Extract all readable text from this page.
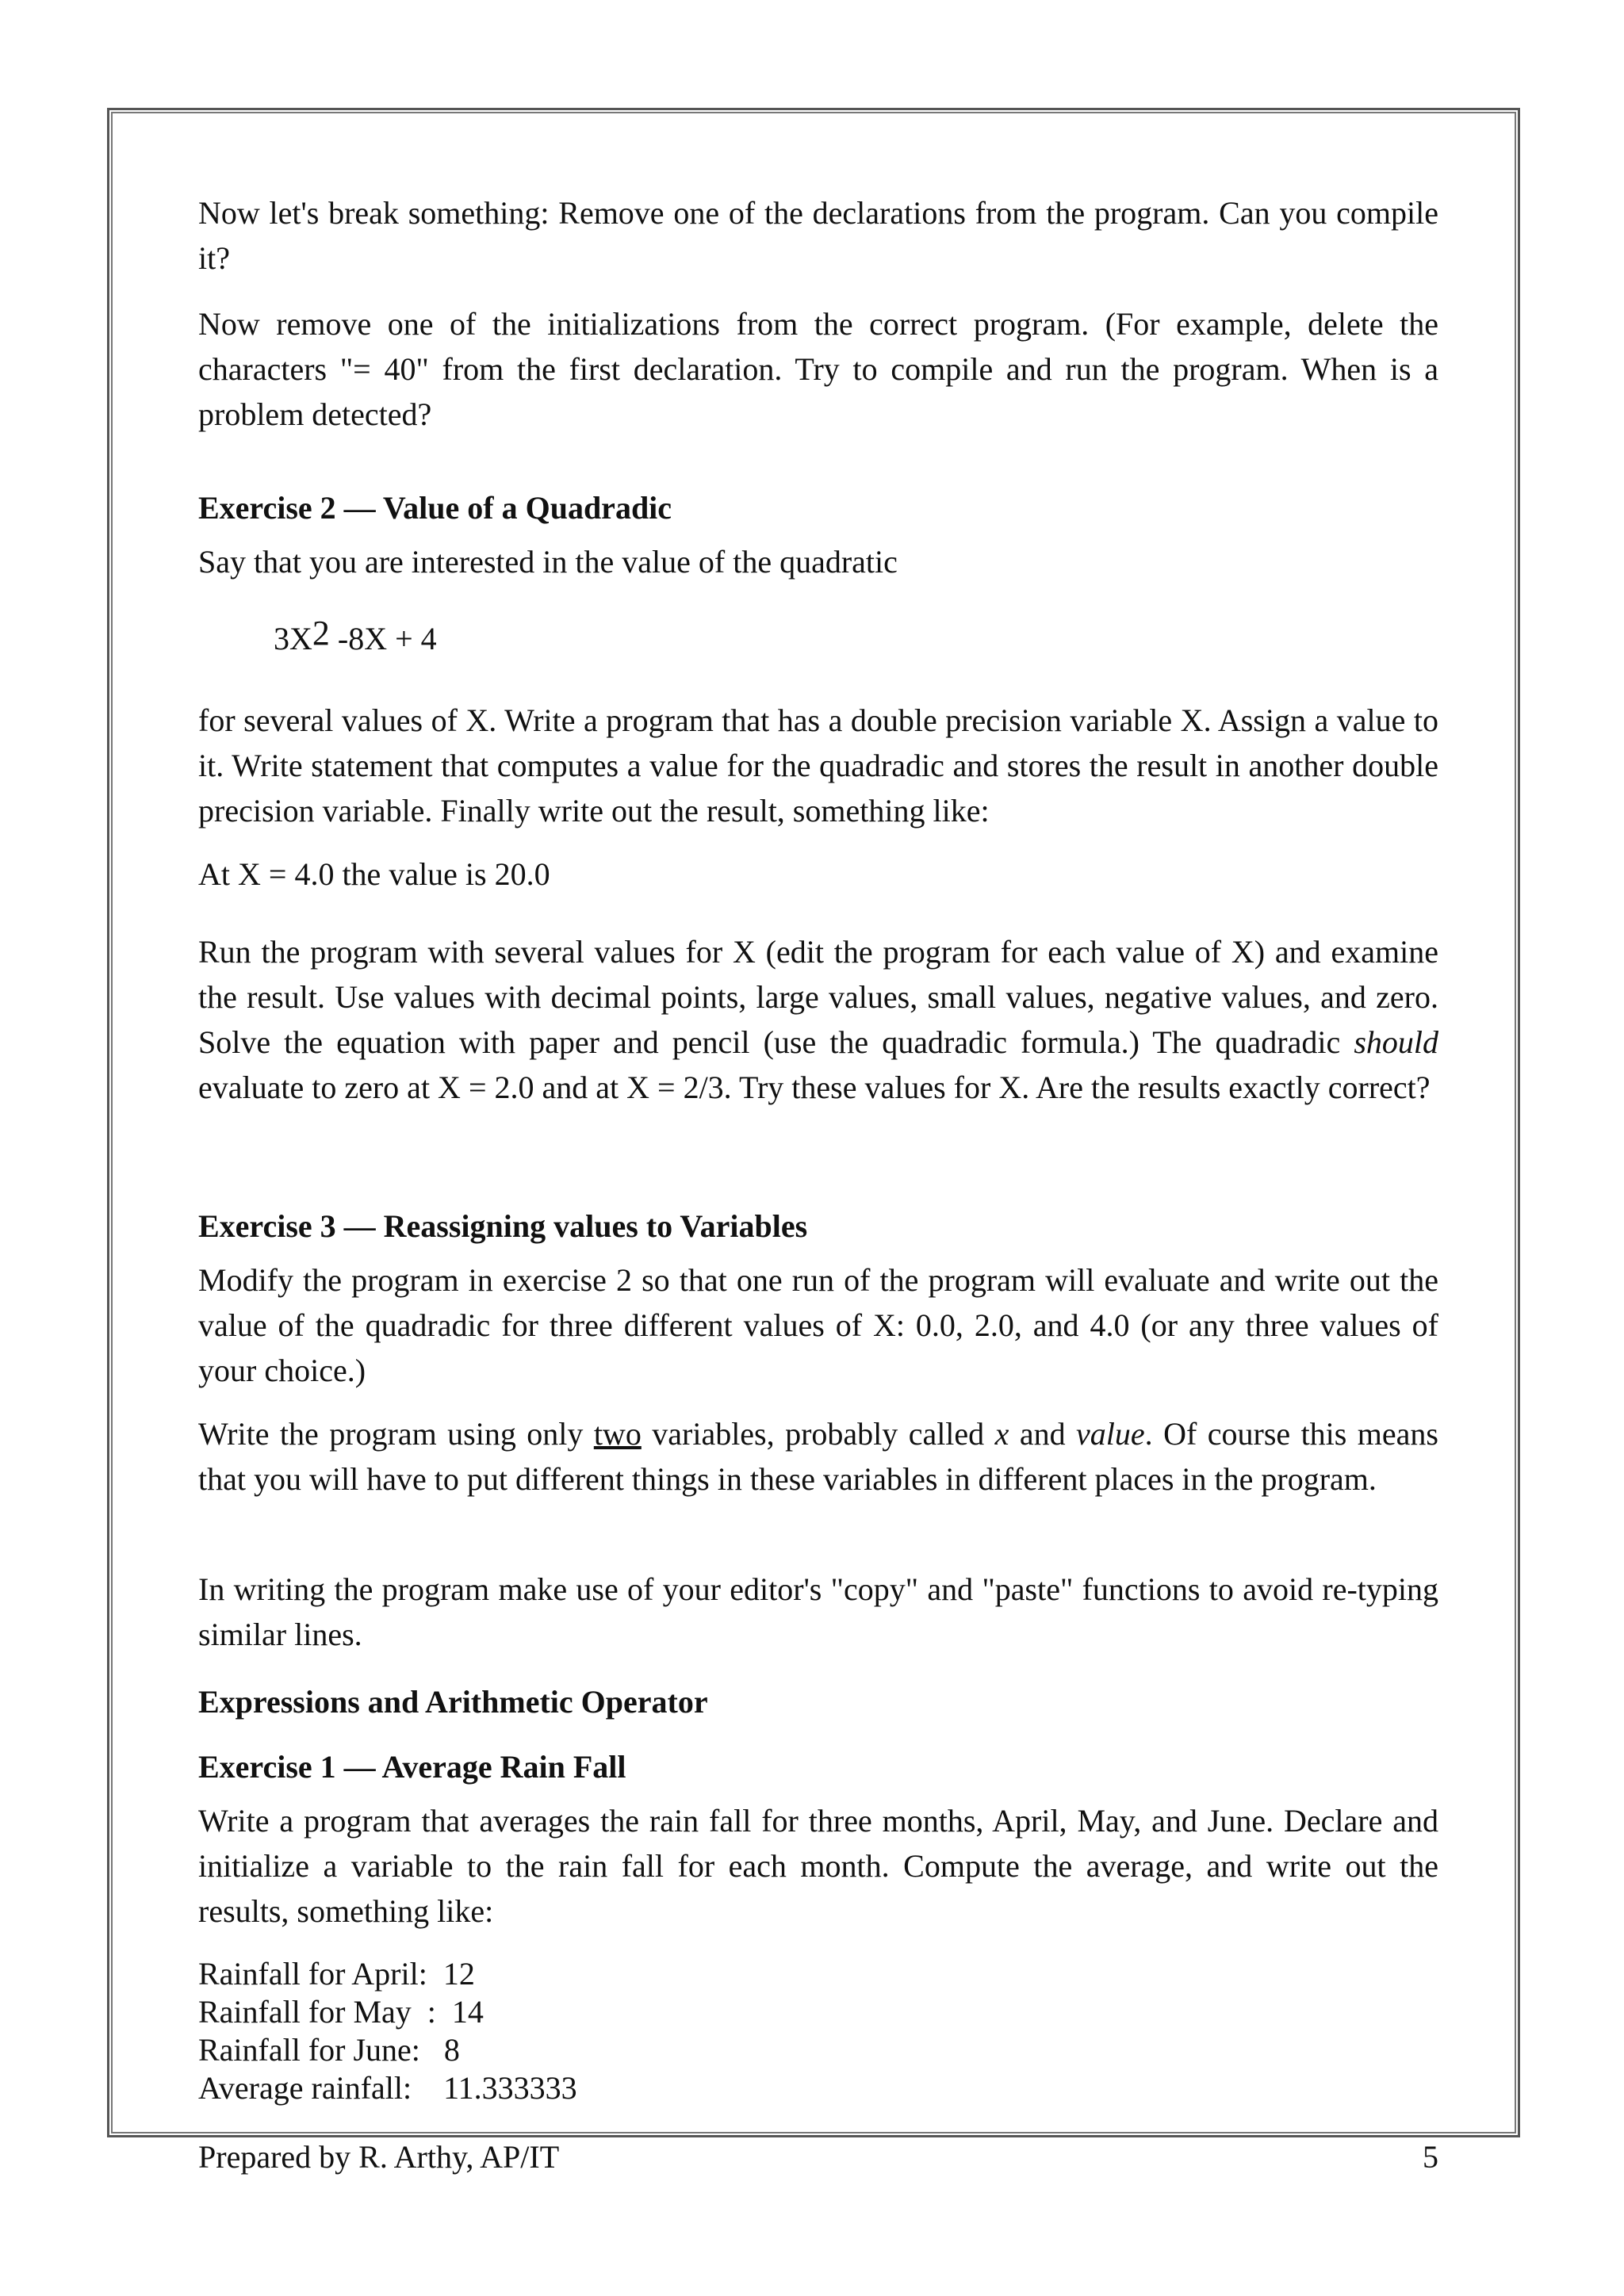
Now let's break something: Remove one of the declarations from the program. Can you compile it?

Now remove one of the initializations from the correct program. (For example, delete the characters "= 40" from the first declaration. Try to compile and run the program. When is a problem detected?

Exercise 2 — Value of a Quadradic
Say that you are interested in the value of the quadratic
$3X^2$ -8X + 4

for several values of X. Write a program that has a double precision variable X. Assign a value to it. Write statement that computes a value for the quadradic and stores the result in another double precision variable. Finally write out the result, something like:

At X = 4.0 the value is 20.0

Run the program with several values for X (edit the program for each value of X) and examine the result. Use values with decimal points, large values, small values, negative values, and zero. Solve the equation with paper and pencil (use the quadradic formula.) The quadradic should evaluate to zero at X = 2.0 and at X = 2/3. Try these values for X. Are the results exactly correct?

Exercise 3 — Reassigning values to Variables

Modify the program in exercise 2 so that one run of the program will evaluate and write out the value of the quadradic for three different values of X: 0.0, 2.0, and 4.0 (or any three values of your choice.)

Write the program using only two variables, probably called x and value. Of course this means that you will have to put different things in these variables in different places in the program.

In writing the program make use of your editor's "copy" and "paste" functions to avoid re-typing similar lines.

Expressions and Arithmetic Operator
Exercise 1 — Average Rain Fall

Write a program that averages the rain fall for three months, April, May, and June. Declare and initialize a variable to the rain fall for each month. Compute the average, and write out the results, something like:

Rainfall for April: 12
Rainfall for May  : 14
Rainfall for June: 8
Average rainfall: 11.333333
Prepared by R. Arthy, AP/IT	5
